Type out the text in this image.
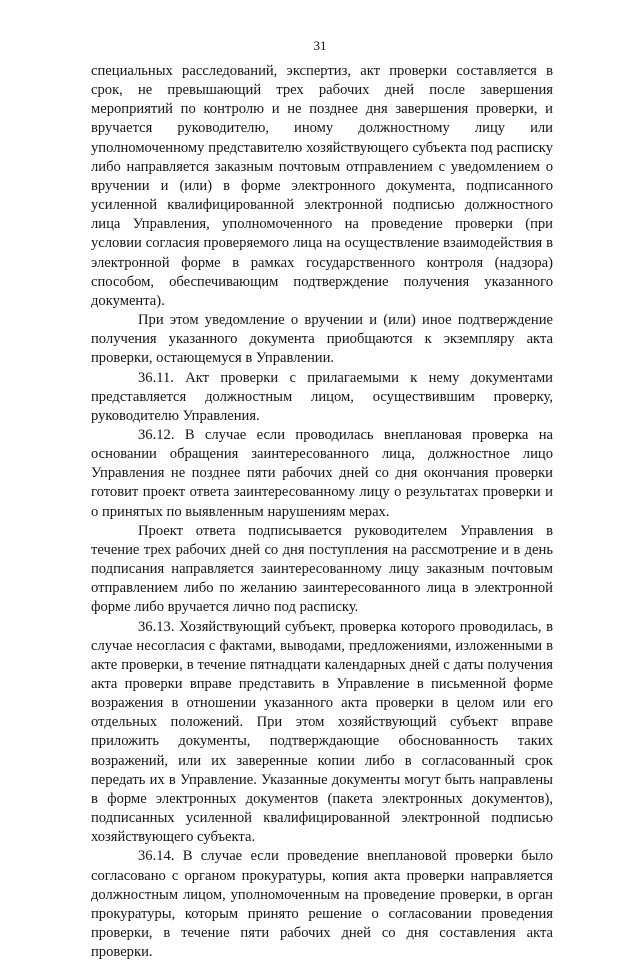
31

специальных расследований, экспертиз, акт проверки составляется в срок, не превышающий трех рабочих дней после завершения мероприятий по контролю и не позднее дня завершения проверки, и вручается руководителю, иному должностному лицу или уполномоченному представителю хозяйствующего субъекта под расписку либо направляется заказным почтовым отправлением с уведомлением о вручении и (или) в форме электронного документа, подписанного усиленной квалифицированной электронной подписью должностного лица Управления, уполномоченного на проведение проверки (при условии согласия проверяемого лица на осуществление взаимодействия в электронной форме в рамках государственного контроля (надзора) способом, обеспечивающим подтверждение получения указанного документа).

При этом уведомление о вручении и (или) иное подтверждение получения указанного документа приобщаются к экземпляру акта проверки, остающемуся в Управлении.

36.11. Акт проверки с прилагаемыми к нему документами представляется должностным лицом, осуществившим проверку, руководителю Управления.

36.12. В случае если проводилась внеплановая проверка на основании обращения заинтересованного лица, должностное лицо Управления не позднее пяти рабочих дней со дня окончания проверки готовит проект ответа заинтересованному лицу о результатах проверки и о принятых по выявленным нарушениям мерах.

Проект ответа подписывается руководителем Управления в течение трех рабочих дней со дня поступления на рассмотрение и в день подписания направляется заинтересованному лицу заказным почтовым отправлением либо по желанию заинтересованного лица в электронной форме либо вручается лично под расписку.

36.13. Хозяйствующий субъект, проверка которого проводилась, в случае несогласия с фактами, выводами, предложениями, изложенными в акте проверки, в течение пятнадцати календарных дней с даты получения акта проверки вправе представить в Управление в письменной форме возражения в отношении указанного акта проверки в целом или его отдельных положений. При этом хозяйствующий субъект вправе приложить документы, подтверждающие обоснованность таких возражений, или их заверенные копии либо в согласованный срок передать их в Управление. Указанные документы могут быть направлены в форме электронных документов (пакета электронных документов), подписанных усиленной квалифицированной электронной подписью хозяйствующего субъекта.

36.14. В случае если проведение внеплановой проверки было согласовано с органом прокуратуры, копия акта проверки направляется должностным лицом, уполномоченным на проведение проверки, в орган прокуратуры, которым принято решение о согласовании проведения проверки, в течение пяти рабочих дней со дня составления акта проверки.
